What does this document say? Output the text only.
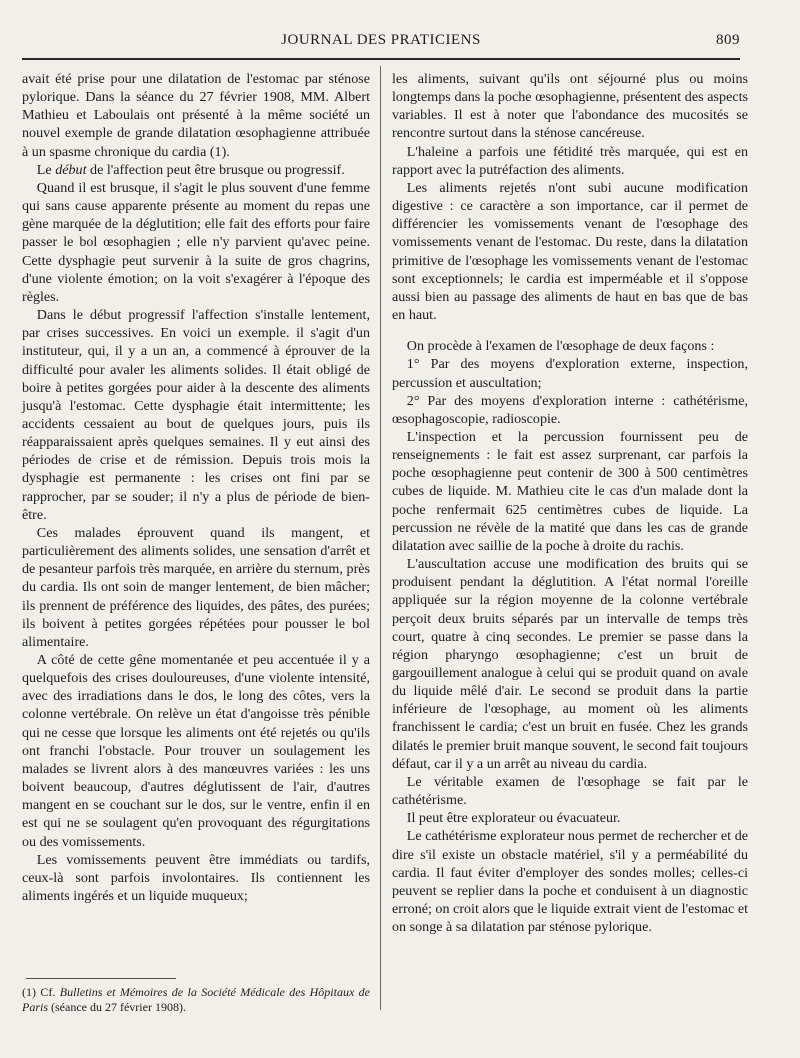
JOURNAL DES PRATICIENS	809

avait été prise pour une dilatation de l'estomac par sténose pylorique. Dans la séance du 27 février 1908, MM. Albert Mathieu et Laboulais ont présenté à la même société un nouvel exemple de grande dilatation œsophagienne attribuée à un spasme chronique du cardia (1).

Le début de l'affection peut être brusque ou progressif.

Quand il est brusque, il s'agit le plus souvent d'une femme qui sans cause apparente présente au moment du repas une gène marquée de la déglutition; elle fait des efforts pour faire passer le bol œsophagien ; elle n'y parvient qu'avec peine. Cette dysphagie peut survenir à la suite de gros chagrins, d'une violente émotion; on la voit s'exagérer à l'époque des règles.

Dans le début progressif l'affection s'installe lentement, par crises successives. En voici un exemple. il s'agit d'un instituteur, qui, il y a un an, a commencé à éprouver de la difficulté pour avaler les aliments solides. Il était obligé de boire à petites gorgées pour aider à la descente des aliments jusqu'à l'estomac. Cette dysphagie était intermittente; les accidents cessaient au bout de quelques jours, puis ils réapparaissaient après quelques semaines. Il y eut ainsi des périodes de crise et de rémission. Depuis trois mois la dysphagie est permanente : les crises ont fini par se rapprocher, par se souder; il n'y a plus de période de bien-être.

Ces malades éprouvent quand ils mangent, et particulièrement des aliments solides, une sensation d'arrêt et de pesanteur parfois très marquée, en arrière du sternum, près du cardia. Ils ont soin de manger lentement, de bien mâcher; ils prennent de préférence des liquides, des pâtes, des purées; ils boivent à petites gorgées répétées pour pousser le bol alimentaire.

A côté de cette gêne momentanée et peu accentuée il y a quelquefois des crises douloureuses, d'une violente intensité, avec des irradiations dans le dos, le long des côtes, vers la colonne vertébrale. On relève un état d'angoisse très pénible qui ne cesse que lorsque les aliments ont été rejetés ou qu'ils ont franchi l'obstacle. Pour trouver un soulagement les malades se livrent alors à des manœuvres variées : les uns boivent beaucoup, d'autres déglutissent de l'air, d'autres mangent en se couchant sur le dos, sur le ventre, enfin il en est qui ne se soulagent qu'en provoquant des régurgitations ou des vomissements.

Les vomissements peuvent être immédiats ou tardifs, ceux-là sont parfois involontaires. Ils contiennent les aliments ingérés et un liquide muqueux;

les aliments, suivant qu'ils ont séjourné plus ou moins longtemps dans la poche œsophagienne, présentent des aspects variables. Il est à noter que l'abondance des mucosités se rencontre surtout dans la sténose cancéreuse.

L'haleine a parfois une fétidité très marquée, qui est en rapport avec la putréfaction des aliments.

Les aliments rejetés n'ont subi aucune modification digestive : ce caractère a son importance, car il permet de différencier les vomissements venant de l'œsophage des vomissements venant de l'estomac. Du reste, dans la dilatation primitive de l'œsophage les vomissements venant de l'estomac sont exceptionnels; le cardia est imperméable et il s'oppose aussi bien au passage des aliments de haut en bas que de bas en haut.

On procède à l'examen de l'œsophage de deux façons :

1° Par des moyens d'exploration externe, inspection, percussion et auscultation;

2° Par des moyens d'exploration interne : cathétérisme, œsophagoscopie, radioscopie.

L'inspection et la percussion fournissent peu de renseignements : le fait est assez surprenant, car parfois la poche œsophagienne peut contenir de 300 à 500 centimètres cubes de liquide. M. Mathieu cite le cas d'un malade dont la poche renfermait 625 centimètres cubes de liquide. La percussion ne révèle de la matité que dans les cas de grande dilatation avec saillie de la poche à droite du rachis.

L'auscultation accuse une modification des bruits qui se produisent pendant la déglutition. A l'état normal l'oreille appliquée sur la région moyenne de la colonne vertébrale perçoit deux bruits séparés par un intervalle de temps très court, quatre à cinq secondes. Le premier se passe dans la région pharyngo œsophagienne; c'est un bruit de gargouillement analogue à celui qui se produit quand on avale du liquide mêlé d'air. Le second se produit dans la partie inférieure de l'œsophage, au moment où les aliments franchissent le cardia; c'est un bruit en fusée. Chez les grands dilatés le premier bruit manque souvent, le second fait toujours défaut, car il y a un arrêt au niveau du cardia.

Le véritable examen de l'œsophage se fait par le cathétérisme.

Il peut être explorateur ou évacuateur.

Le cathétérisme explorateur nous permet de rechercher et de dire s'il existe un obstacle matériel, s'il y a perméabilité du cardia. Il faut éviter d'employer des sondes molles; celles-ci peuvent se replier dans la poche et conduisent à un diagnostic erroné; on croit alors que le liquide extrait vient de l'estomac et on songe à sa dilatation par sténose pylorique.

(1) Cf. Bulletins et Mémoires de la Société Médicale des Hôpitaux de Paris (séance du 27 février 1908).
